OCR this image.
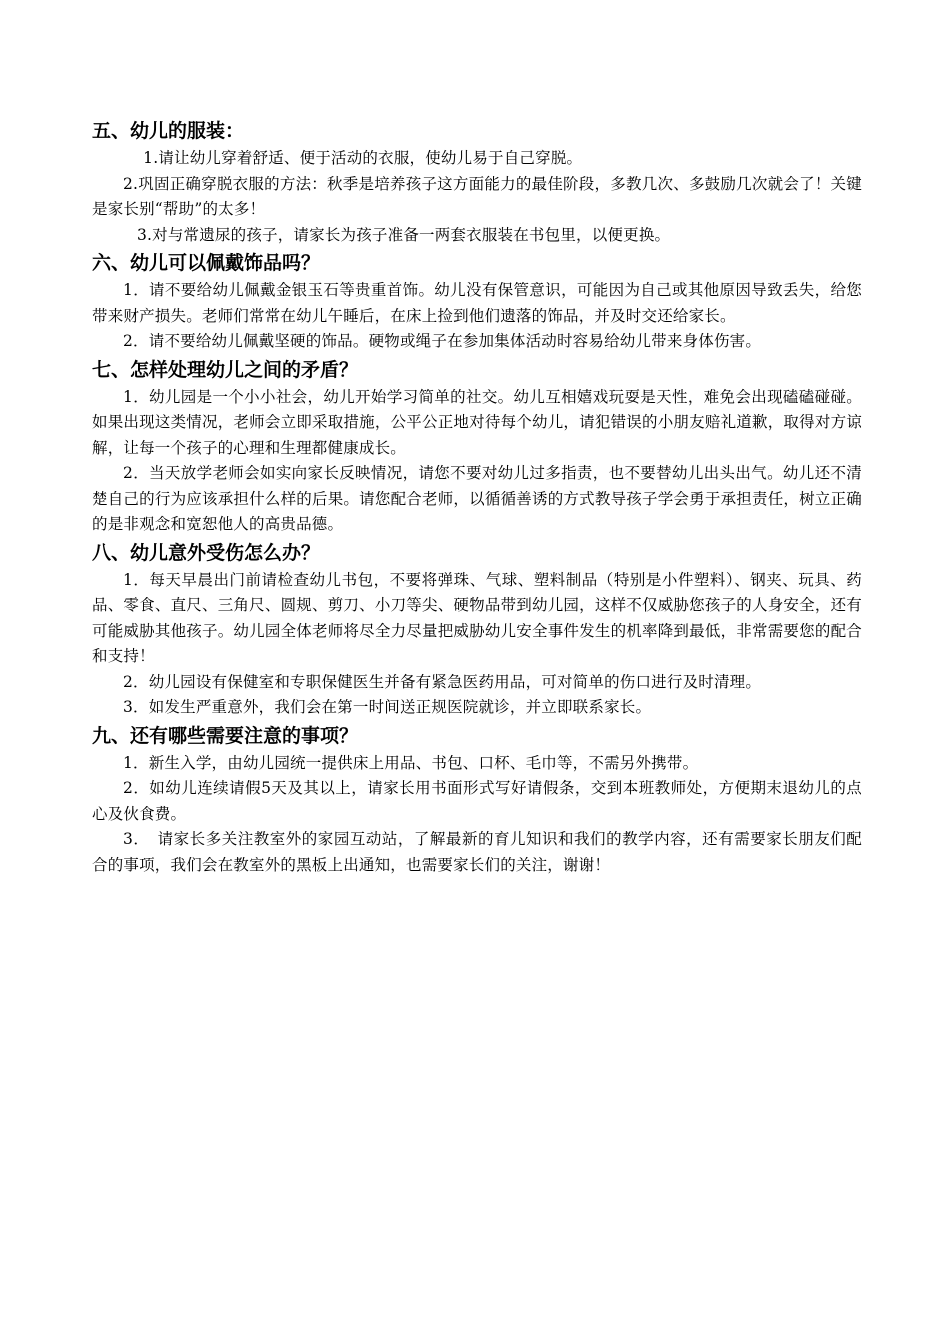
五、幼儿的服装：

1.请让幼儿穿着舒适、便于活动的衣服，使幼儿易于自己穿脱。

2.巩固正确穿脱衣服的方法：秋季是培养孩子这方面能力的最佳阶段，多教几次、多鼓励几次就会了！关键是家长别“帮助”的太多！

3.对与常遗尿的孩子，请家长为孩子准备一两套衣服装在书包里，以便更换。

六、幼儿可以佩戴饰品吗？

1．请不要给幼儿佩戴金银玉石等贵重首饰。幼儿没有保管意识，可能因为自己或其他原因导致丢失，给您带来财产损失。老师们常常在幼儿午睡后，在床上捡到他们遗落的饰品，并及时交还给家长。

2．请不要给幼儿佩戴坚硬的饰品。硬物或绳子在参加集体活动时容易给幼儿带来身体伤害。

七、怎样处理幼儿之间的矛盾？

1．幼儿园是一个小小社会，幼儿开始学习简单的社交。幼儿互相嬉戏玩耍是天性，难免会出现磕磕碰碰。如果出现这类情况，老师会立即采取措施，公平公正地对待每个幼儿，请犯错误的小朋友赔礼道歉，取得对方谅解，让每一个孩子的心理和生理都健康成长。

2．当天放学老师会如实向家长反映情况，请您不要对幼儿过多指责，也不要替幼儿出头出气。幼儿还不清楚自己的行为应该承担什么样的后果。请您配合老师，以循循善诱的方式教导孩子学会勇于承担责任，树立正确的是非观念和宽恕他人的高贵品德。

八、幼儿意外受伤怎么办？

1．每天早晨出门前请检查幼儿书包，不要将弹珠、气球、塑料制品（特别是小件塑料）、钢夹、玩具、药品、零食、直尺、三角尺、圆规、剪刀、小刀等尖、硬物品带到幼儿园，这样不仅威胁您孩子的人身安全，还有可能威胁其他孩子。幼儿园全体老师将尽全力尽量把威胁幼儿安全事件发生的机率降到最低，非常需要您的配合和支持！

2．幼儿园设有保健室和专职保健医生并备有紧急医药用品，可对简单的伤口进行及时清理。

3．如发生严重意外，我们会在第一时间送正规医院就诊，并立即联系家长。

九、还有哪些需要注意的事项？

1．新生入学，由幼儿园统一提供床上用品、书包、口杯、毛巾等，不需另外携带。

2．如幼儿连续请假5天及其以上，请家长用书面形式写好请假条，交到本班教师处，方便期末退幼儿的点心及伙食费。

3．　请家长多关注教室外的家园互动站，了解最新的育儿知识和我们的教学内容，还有需要家长朋友们配合的事项，我们会在教室外的黑板上出通知，也需要家长们的关注，谢谢！
